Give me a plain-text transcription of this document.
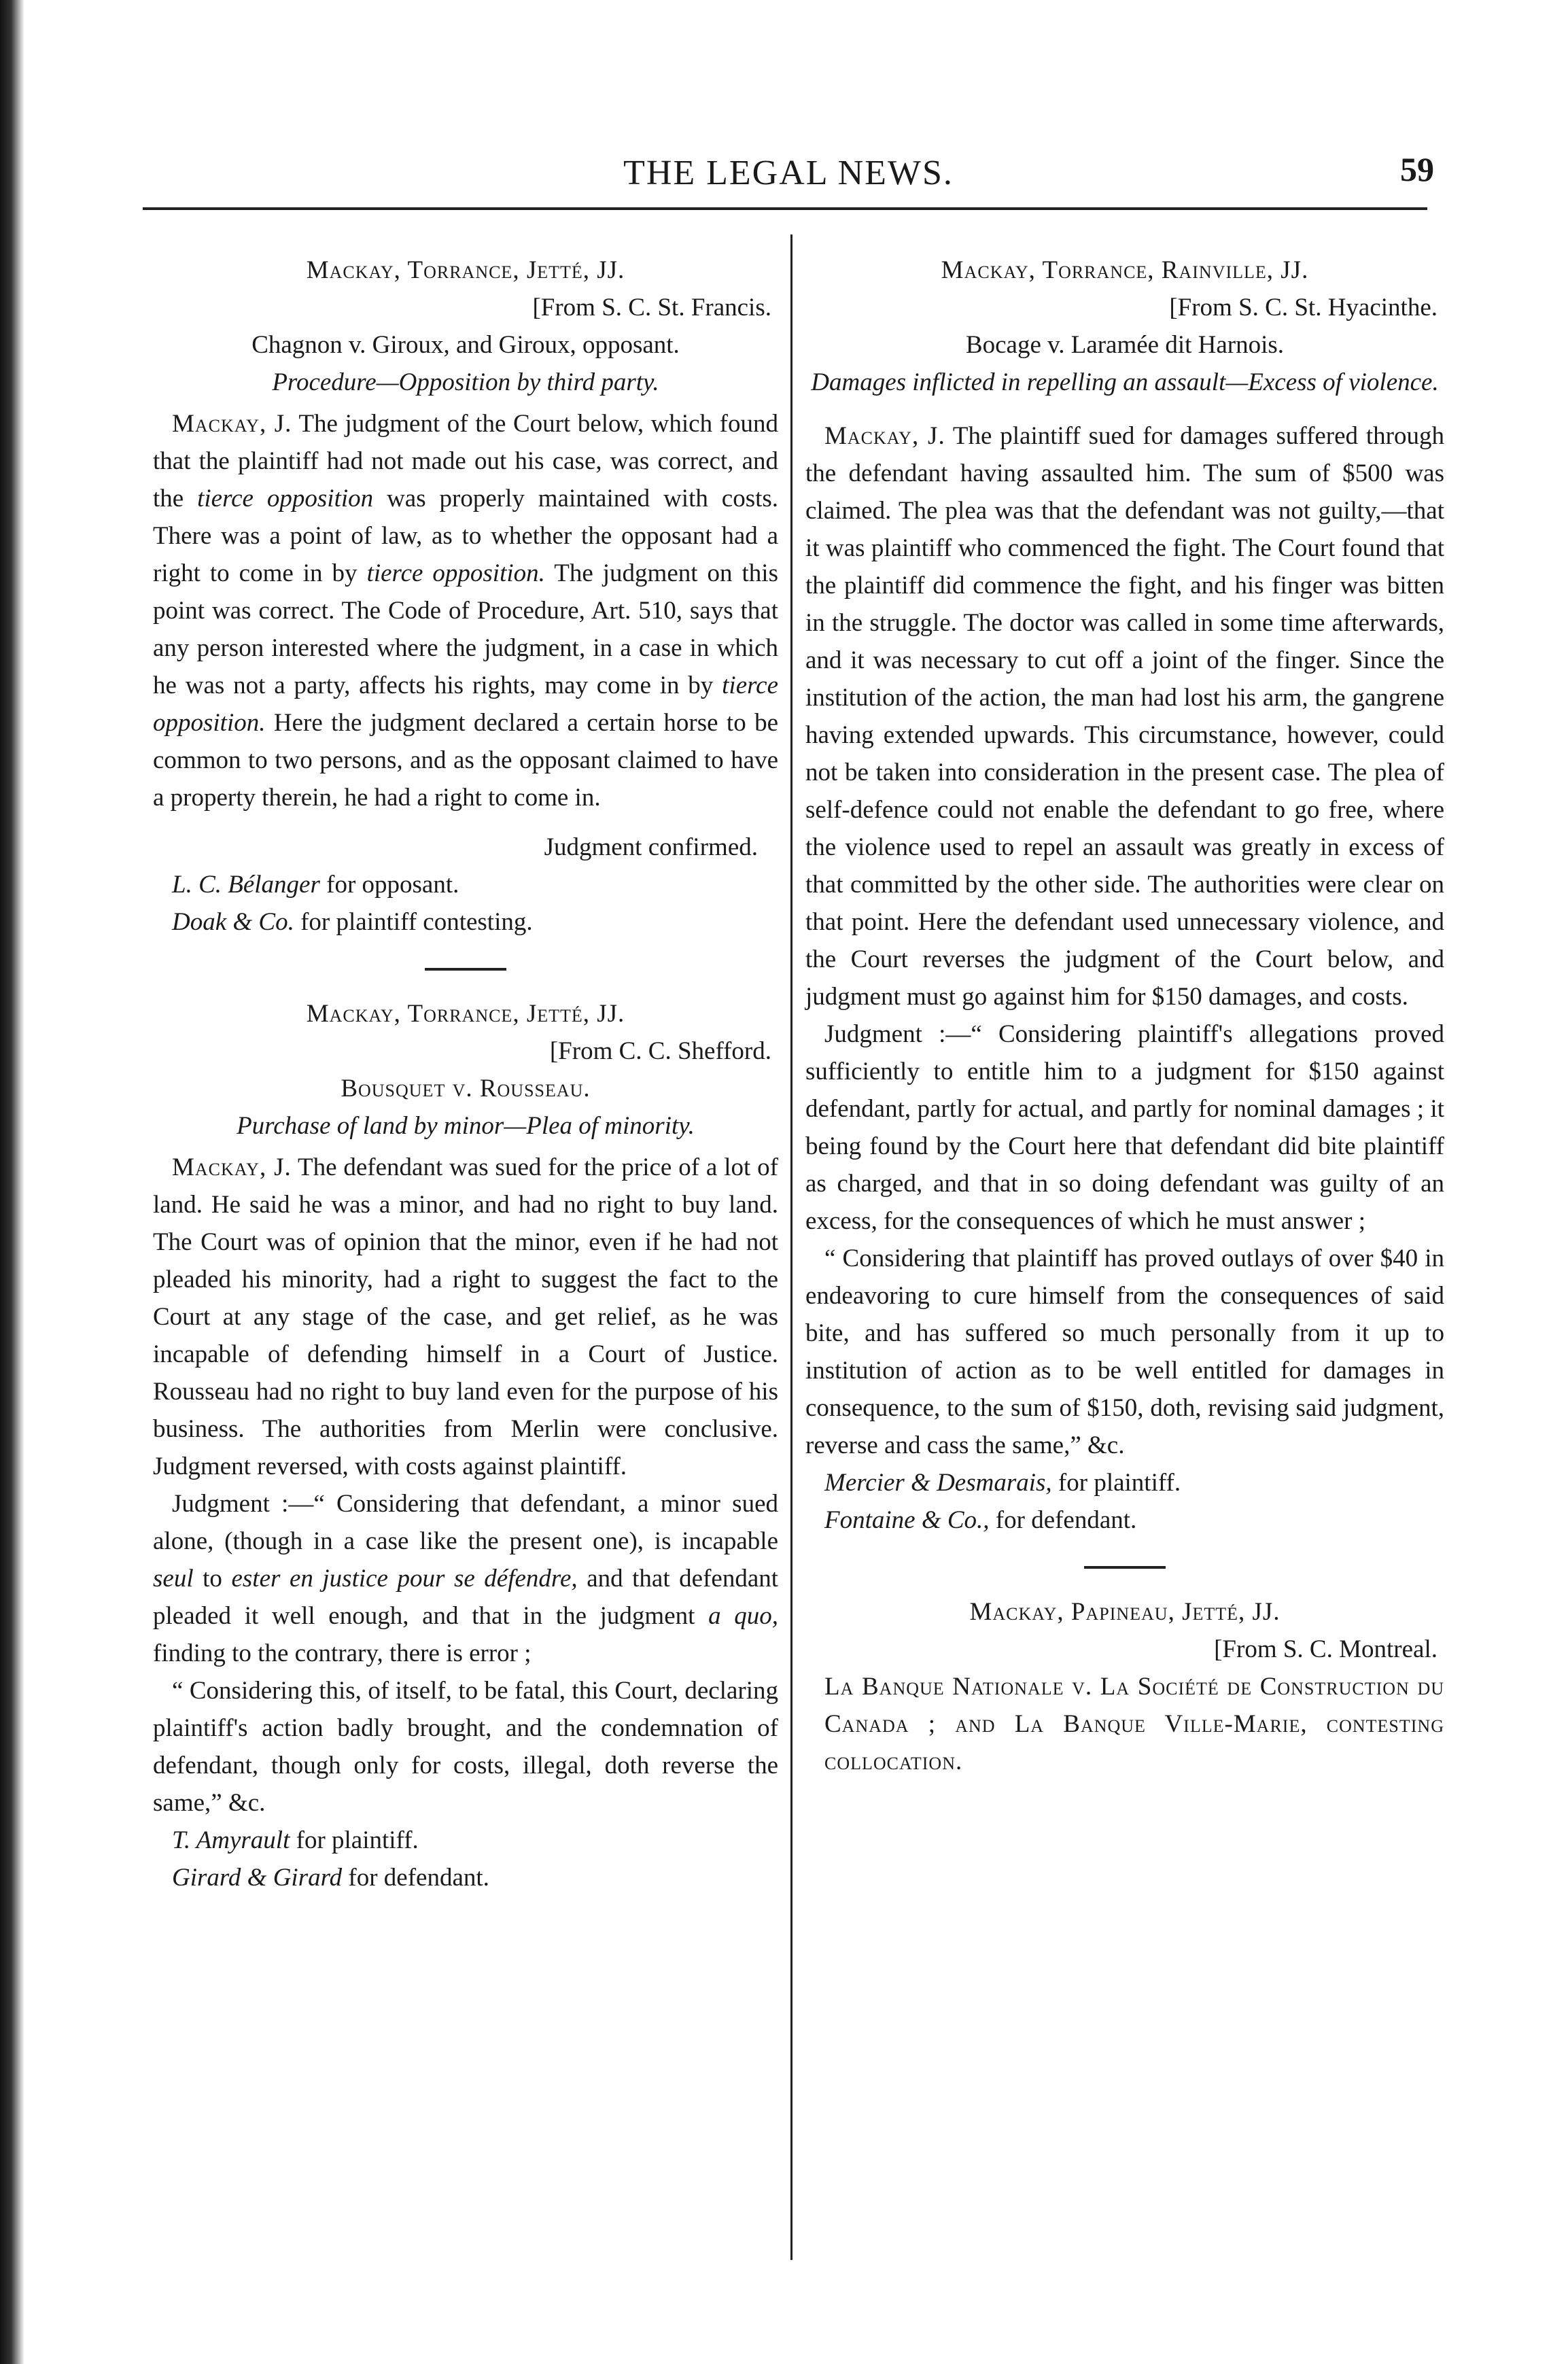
THE LEGAL NEWS.	59

Mackay, Torrance, Jetté, JJ.

[From S. C. St. Francis.

Chagnon v. Giroux, and Giroux, opposant.

Procedure—Opposition by third party.

Mackay, J. The judgment of the Court below, which found that the plaintiff had not made out his case, was correct, and the tierce opposition was properly maintained with costs. There was a point of law, as to whether the opposant had a right to come in by tierce opposition. The judgment on this point was correct. The Code of Procedure, Art. 510, says that any person interested where the judgment, in a case in which he was not a party, affects his rights, may come in by tierce opposition. Here the judgment declared a certain horse to be common to two persons, and as the opposant claimed to have a property therein, he had a right to come in.

Judgment confirmed.

L. C. Bélanger for opposant.

Doak & Co. for plaintiff contesting.

Mackay, Torrance, Jetté, JJ.

[From C. C. Shefford.

Bousquet v. Rousseau.

Purchase of land by minor—Plea of minority.

Mackay, J. The defendant was sued for the price of a lot of land. He said he was a minor, and had no right to buy land. The Court was of opinion that the minor, even if he had not pleaded his minority, had a right to suggest the fact to the Court at any stage of the case, and get relief, as he was incapable of defending himself in a Court of Justice. Rousseau had no right to buy land even for the purpose of his business. The authorities from Merlin were conclusive. Judgment reversed, with costs against plaintiff.

Judgment :—“ Considering that defendant, a minor sued alone, (though in a case like the present one), is incapable seul to ester en justice pour se défendre, and that defendant pleaded it well enough, and that in the judgment a quo, finding to the contrary, there is error ;

“ Considering this, of itself, to be fatal, this Court, declaring plaintiff's action badly brought, and the condemnation of defendant, though only for costs, illegal, doth reverse the same,” &c.

T. Amyrault for plaintiff.

Girard & Girard for defendant.

Mackay, Torrance, Rainville, JJ.

[From S. C. St. Hyacinthe.

Bocage v. Laramée dit Harnois.

Damages inflicted in repelling an assault—Excess of violence.

Mackay, J. The plaintiff sued for damages suffered through the defendant having assaulted him. The sum of $500 was claimed. The plea was that the defendant was not guilty,—that it was plaintiff who commenced the fight. The Court found that the plaintiff did commence the fight, and his finger was bitten in the struggle. The doctor was called in some time afterwards, and it was necessary to cut off a joint of the finger. Since the institution of the action, the man had lost his arm, the gangrene having extended upwards. This circumstance, however, could not be taken into consideration in the present case. The plea of self-defence could not enable the defendant to go free, where the violence used to repel an assault was greatly in excess of that committed by the other side. The authorities were clear on that point. Here the defendant used unnecessary violence, and the Court reverses the judgment of the Court below, and judgment must go against him for $150 damages, and costs.

Judgment :—“ Considering plaintiff's allegations proved sufficiently to entitle him to a judgment for $150 against defendant, partly for actual, and partly for nominal damages ; it being found by the Court here that defendant did bite plaintiff as charged, and that in so doing defendant was guilty of an excess, for the consequences of which he must answer ;

“ Considering that plaintiff has proved outlays of over $40 in endeavoring to cure himself from the consequences of said bite, and has suffered so much personally from it up to institution of action as to be well entitled for damages in consequence, to the sum of $150, doth, revising said judgment, reverse and cass the same,” &c.

Mercier & Desmarais, for plaintiff.

Fontaine & Co., for defendant.

Mackay, Papineau, Jetté, JJ.

[From S. C. Montreal.

La Banque Nationale v. La Société de Construction du Canada ; and La Banque Ville-Marie, contesting collocation.
